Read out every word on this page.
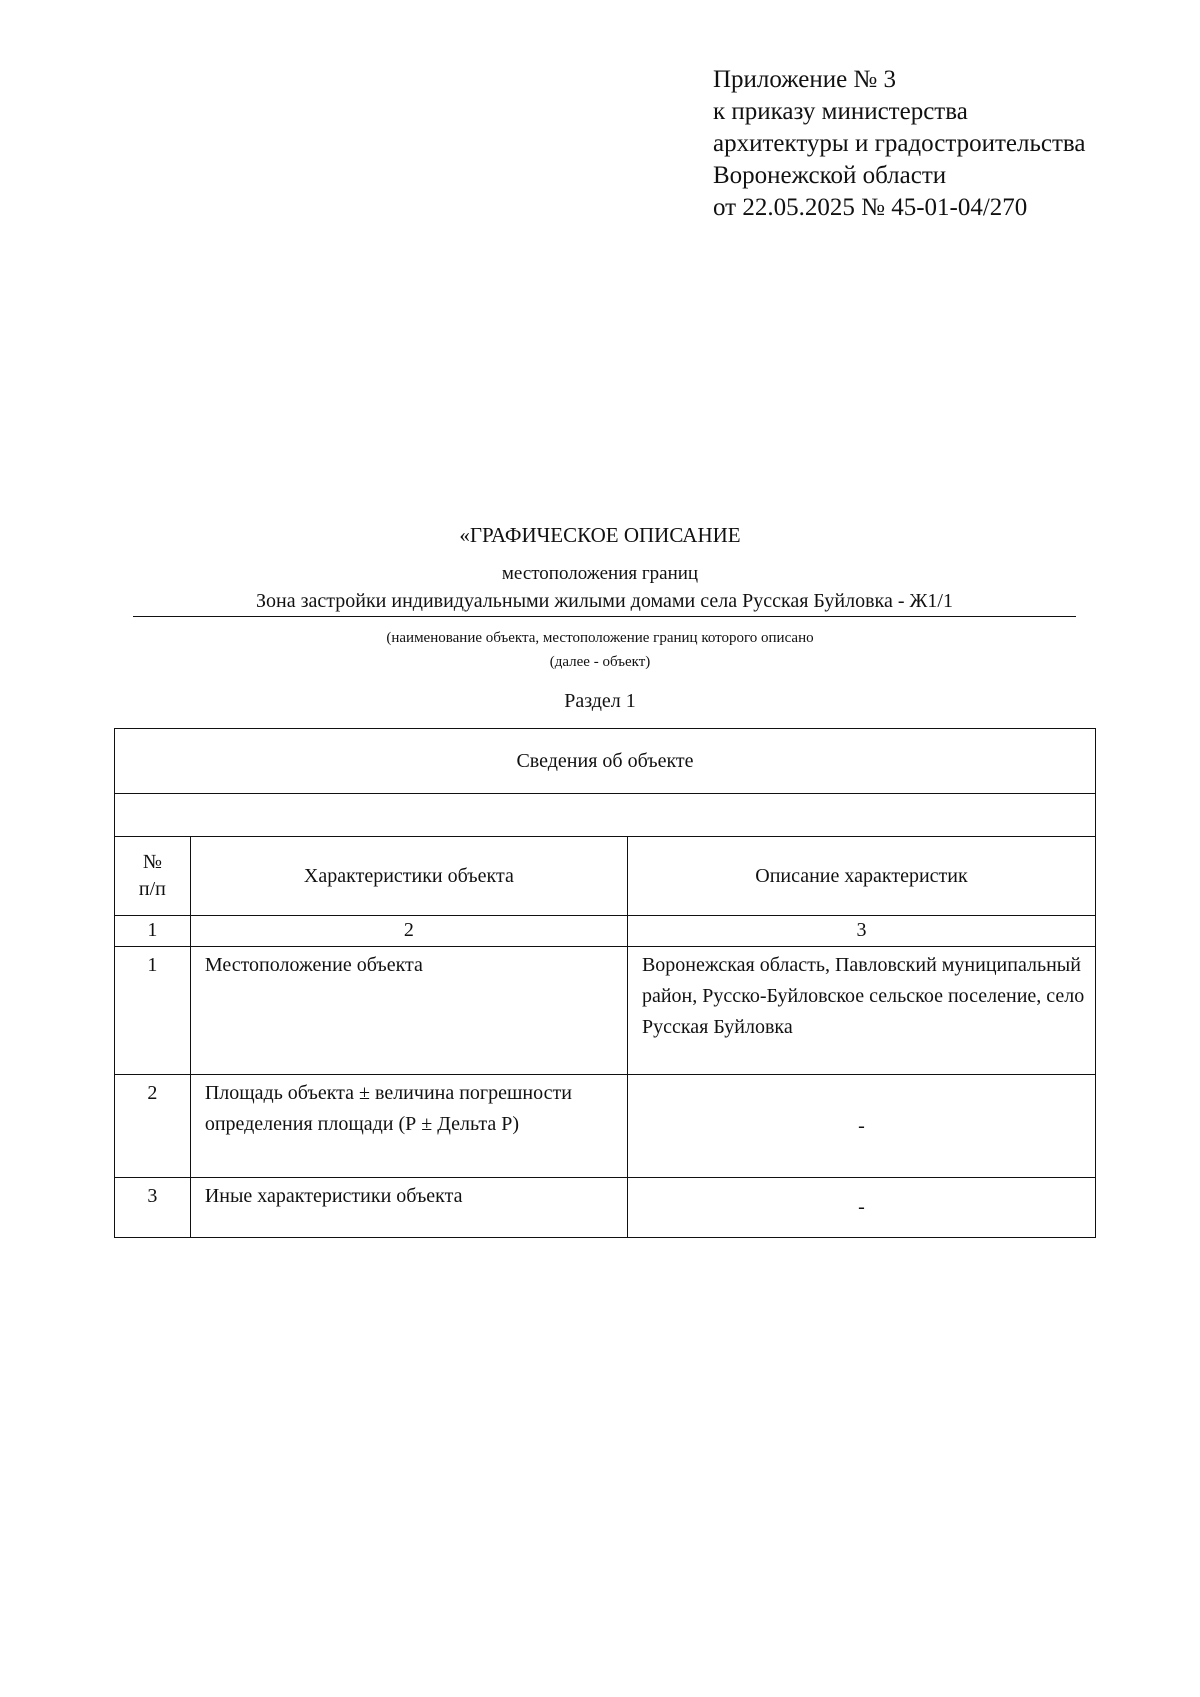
Приложение № 3
к приказу министерства
архитектуры и градостроительства
Воронежской области
от 22.05.2025 № 45-01-04/270
«ГРАФИЧЕСКОЕ ОПИСАНИЕ
местоположения границ
Зона застройки индивидуальными жилыми домами села Русская Буйловка - Ж1/1
(наименование объекта, местоположение границ которого описано
(далее - объект)
Раздел 1
Сведения об объекте		

№
п/п	Характеристики объекта	Описание характеристик
1	2	3
1	Местоположение объекта	Воронежская область, Павловский муниципальный район, Русско-Буйловское сельское поселение, село Русская Буйловка

2	Площадь объекта ± величина погрешности определения площади (Р ± Дельта Р)	-
3	Иные характеристики объекта	-
